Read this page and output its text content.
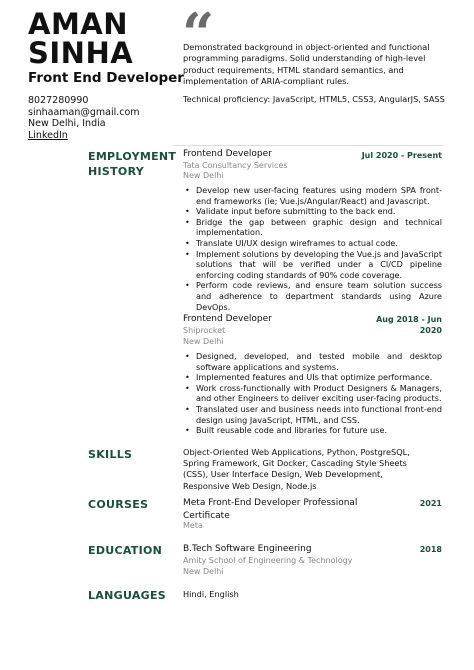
AMAN
SINHA
Front End Developer
8027280990
sinhaaman@gmail.com
New Delhi, India
LinkedIn
“
Demonstrated background in object-oriented and functional programming paradigms. Solid understanding of high-level product requirements, HTML standard semantics, and implementation of ARIA-compliant rules.
Technical proficiency: JavaScript, HTML5, CSS3, AngularJS, SASS
EMPLOYMENT
HISTORY
Frontend Developer	Jul 2020 - Present
Tata Consultancy Services
New Delhi
• Develop new user-facing features using modern SPA front-end frameworks (ie; Vue.js/Angular/React) and Javascript.
• Validate input before submitting to the back end.
• Bridge the gap between graphic design and technical implementation.
• Translate UI/UX design wireframes to actual code.
• Implement solutions by developing the Vue.js and JavaScript solutions that will be verified under a CI/CD pipeline enforcing coding standards of 90% code coverage.
• Perform code reviews, and ensure team solution success and adherence to department standards using Azure DevOps.
Frontend Developer	Aug 2018 - Jun
2020
Shiprocket
New Delhi
• Designed, developed, and tested mobile and desktop software applications and systems.
• Implemented features and UIs that optimize performance.
• Work cross-functionally with Product Designers & Managers, and other Engineers to deliver exciting user-facing products.
• Translated user and business needs into functional front-end design using JavaScript, HTML, and CSS.
• Built reusable code and libraries for future use.
SKILLS	Object-Oriented Web Applications, Python, PostgreSQL, Spring Framework, Git Docker, Cascading Style Sheets (CSS), User Interface Design, Web Development, Responsive Web Design, Node.js
COURSES	Meta Front-End Developer Professional Certificate
Meta
2021
EDUCATION B.Tech Software Engineering
Amity School of Engineering & Technology
New Delhi
2018
LANGUAGES Hindi, English
